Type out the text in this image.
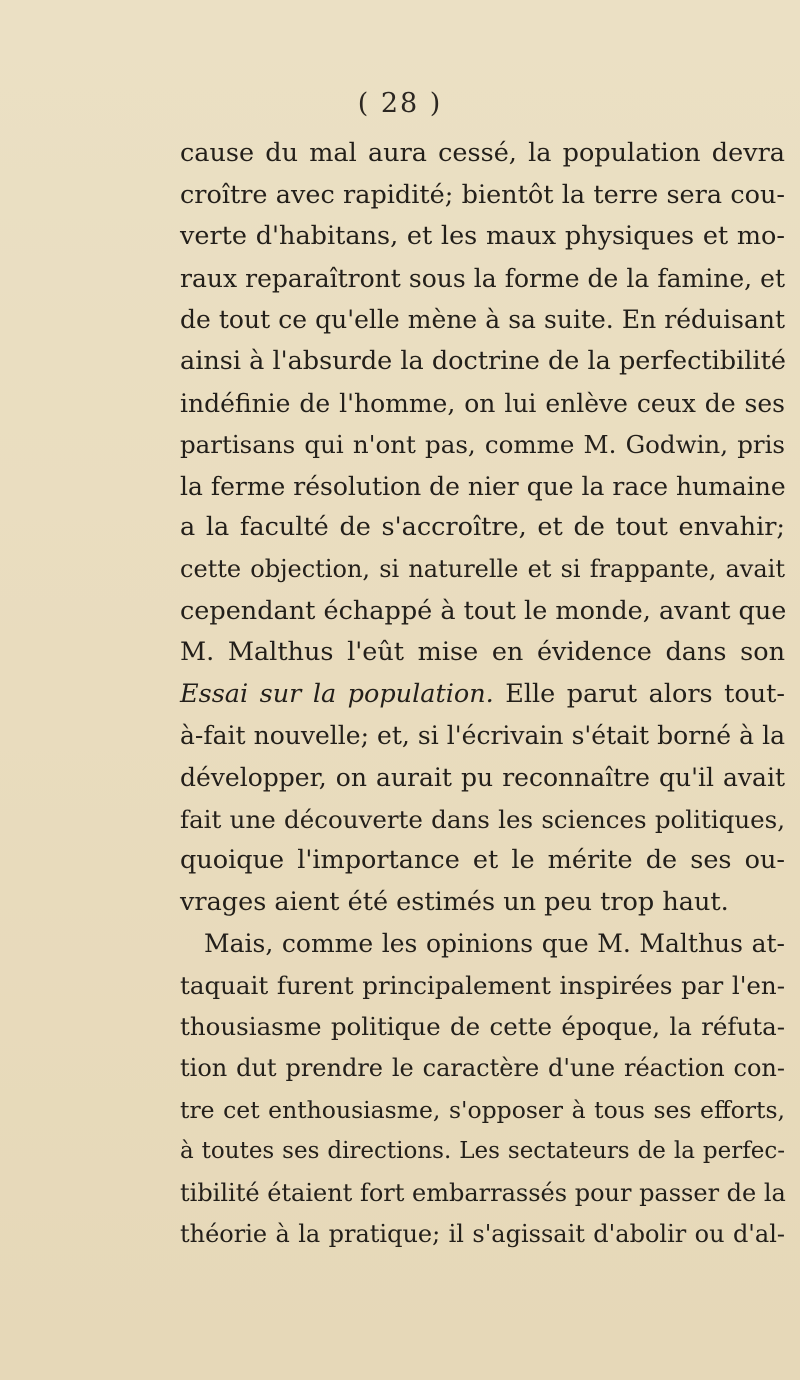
( 28 )
cause du mal aura cessé, la population devra
croître avec rapidité; bientôt la terre sera cou-
verte d'habitans, et les maux physiques et mo-
raux reparaîtront sous la forme de la famine, et
de tout ce qu'elle mène à sa suite. En réduisant
ainsi à l'absurde la doctrine de la perfectibilité
indéfinie de l'homme, on lui enlève ceux de ses
partisans qui n'ont pas, comme M. Godwin, pris
la ferme résolution de nier que la race humaine
a la faculté de s'accroître, et de tout envahir;
cette objection, si naturelle et si frappante, avait
cependant échappé à tout le monde, avant que
M. Malthus l'eût mise en évidence dans son
Essai sur la population. Elle parut alors tout-
à-fait nouvelle; et, si l'écrivain s'était borné à la
développer, on aurait pu reconnaître qu'il avait
fait une découverte dans les sciences politiques,
quoique l'importance et le mérite de ses ou-
vrages aient été estimés un peu trop haut.
Mais, comme les opinions que M. Malthus at-
taquait furent principalement inspirées par l'en-
thousiasme politique de cette époque, la réfuta-
tion dut prendre le caractère d'une réaction con-
tre cet enthousiasme, s'opposer à tous ses efforts,
à toutes ses directions. Les sectateurs de la perfec-
tibilité étaient fort embarrassés pour passer de la
théorie à la pratique; il s'agissait d'abolir ou d'al-
